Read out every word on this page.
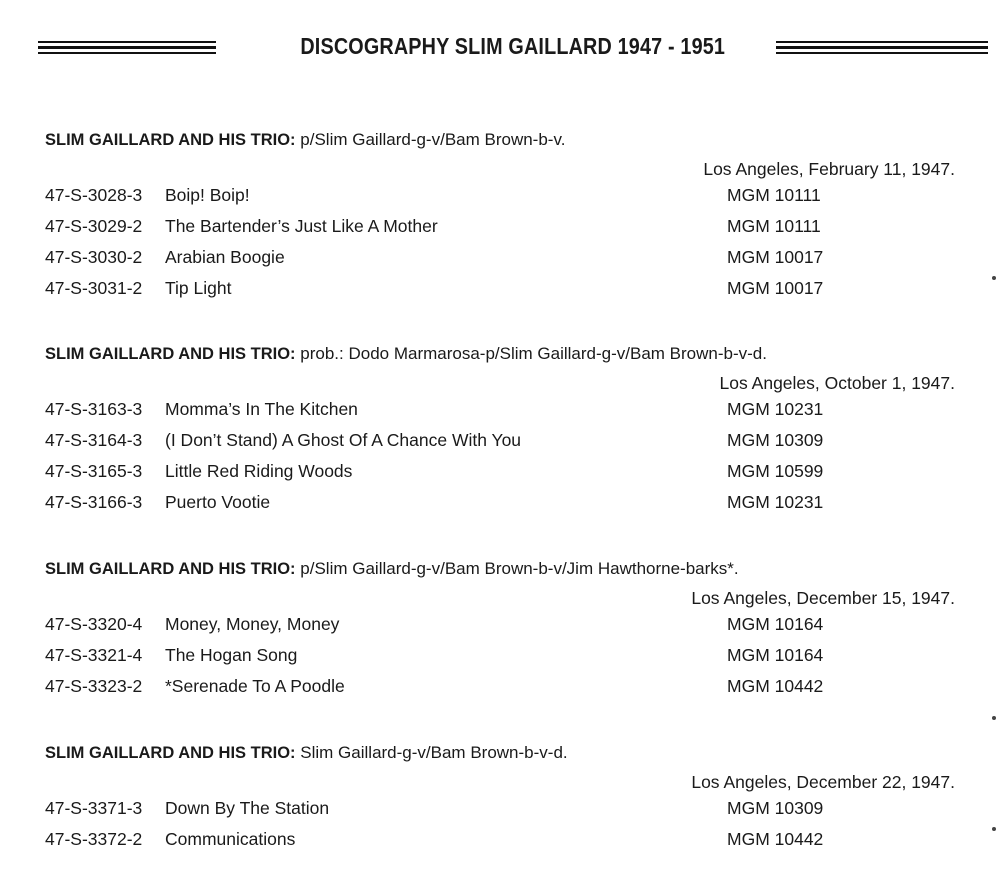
DISCOGRAPHY SLIM GAILLARD 1947 - 1951
SLIM GAILLARD AND HIS TRIO: p/Slim Gaillard-g-v/Bam Brown-b-v.
Los Angeles, February 11, 1947.
47-S-3028-3 Boip! Boip!	MGM 10111
47-S-3029-2 The Bartender’s Just Like A Mother	MGM 10111
47-S-3030-2 Arabian Boogie	MGM 10017
47-S-3031-2 Tip Light	MGM 10017
SLIM GAILLARD AND HIS TRIO: prob.: Dodo Marmarosa-p/Slim Gaillard-g-v/Bam Brown-b-v-d.
Los Angeles, October 1, 1947.
47-S-3163-3 Momma’s In The Kitchen	MGM 10231
47-S-3164-3 (I Don’t Stand) A Ghost Of A Chance With You	MGM 10309
47-S-3165-3 Little Red Riding Woods	MGM 10599
47-S-3166-3 Puerto Vootie	MGM 10231
SLIM GAILLARD AND HIS TRIO: p/Slim Gaillard-g-v/Bam Brown-b-v/Jim Hawthorne-barks*.
Los Angeles, December 15, 1947.
47-S-3320-4 Money, Money, Money	MGM 10164
47-S-3321-4 The Hogan Song	MGM 10164
47-S-3323-2 *Serenade To A Poodle	MGM 10442
SLIM GAILLARD AND HIS TRIO: Slim Gaillard-g-v/Bam Brown-b-v-d.
Los Angeles, December 22, 1947.
47-S-3371-3 Down By The Station	MGM 10309
47-S-3372-2 Communications	MGM 10442
